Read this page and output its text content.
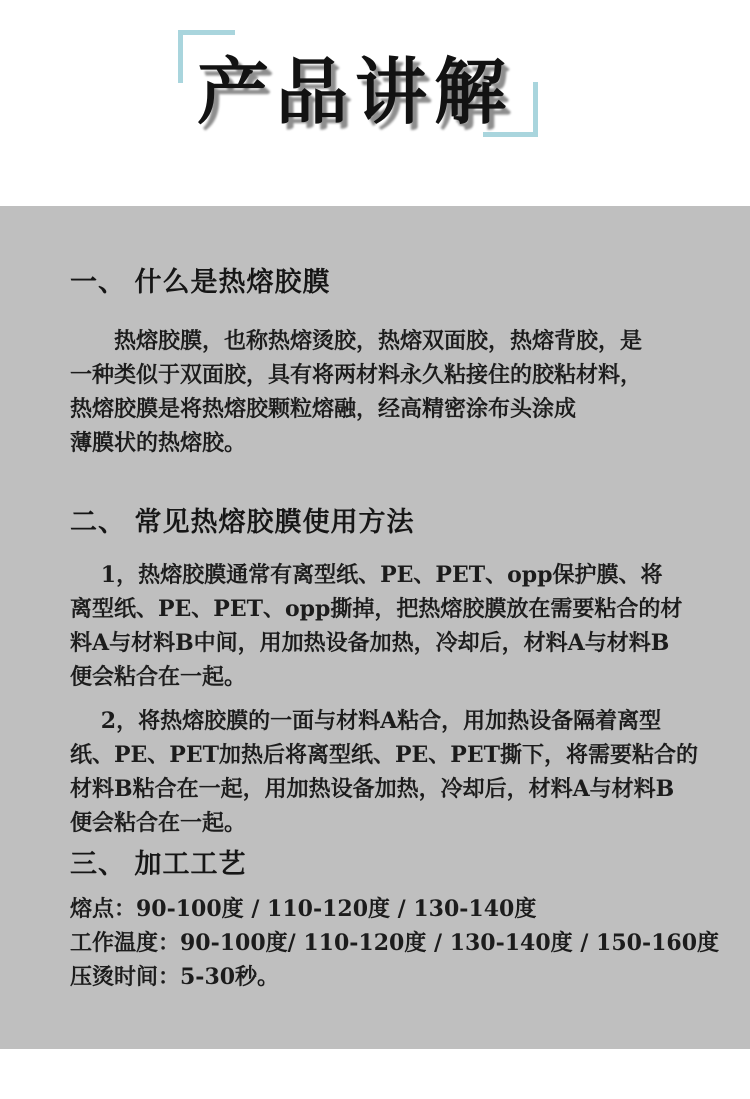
产品讲解
一、 什么是热熔胶膜
热熔胶膜，也称热熔烫胶，热熔双面胶，热熔背胶，是
一种类似于双面胶，具有将两材料永久粘接住的胶粘材料，
热熔胶膜是将热熔胶颗粒熔融，经高精密涂布头涂成
薄膜状的热熔胶。
二、 常见热熔胶膜使用方法
1，热熔胶膜通常有离型纸、PE、PET、opp保护膜、将
离型纸、PE、PET、opp撕掉，把热熔胶膜放在需要粘合的材
料A与材料B中间，用加热设备加热，冷却后，材料A与材料B
便会粘合在一起。
2，将热熔胶膜的一面与材料A粘合，用加热设备隔着离型
纸、PE、PET加热后将离型纸、PE、PET撕下，将需要粘合的
材料B粘合在一起，用加热设备加热，冷却后，材料A与材料B
便会粘合在一起。
三、 加工工艺
熔点：90-100度 / 110-120度 / 130-140度
工作温度：90-100度/ 110-120度 / 130-140度 / 150-160度
压烫时间：5-30秒。
